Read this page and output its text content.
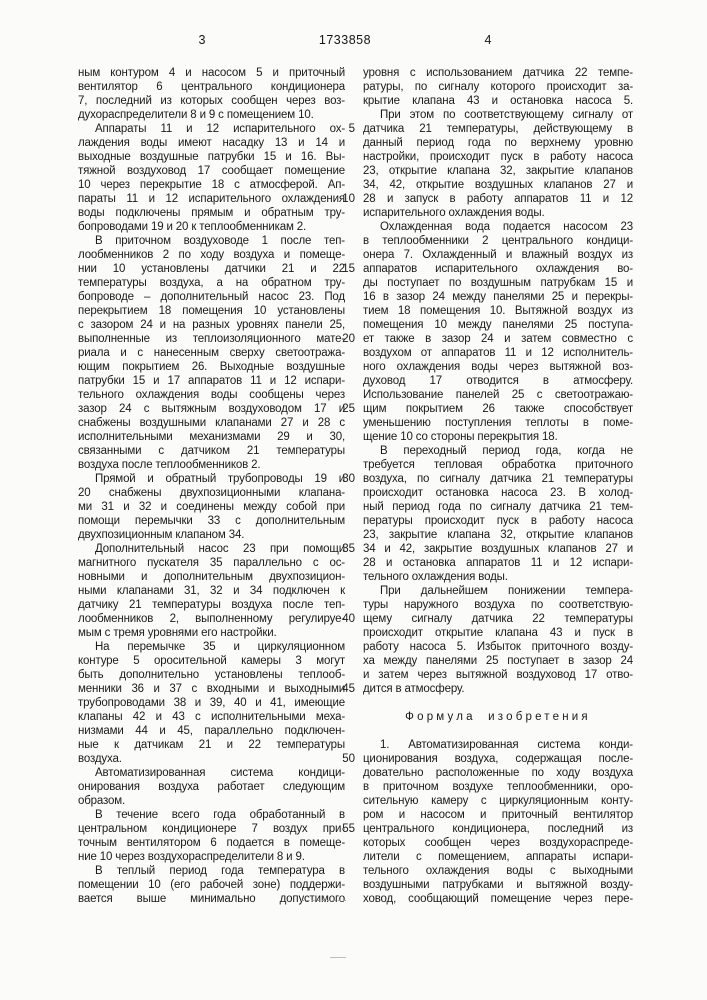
3	1733858	4
ным контуром 4 и насосом 5 и приточный
вентилятор 6 центрального кондиционера
7, последний из которых сообщен через воз-
духораспределители 8 и 9 с помещением 10.
Аппараты 11 и 12 испарительного ох-
лаждения воды имеют насадку 13 и 14 и
выходные воздушные патрубки 15 и 16. Вы-
тяжной воздуховод 17 сообщает помещение
10 через перекрытие 18 с атмосферой. Ап-
параты 11 и 12 испарительного охлаждения
воды подключены прямым и обратным тру-
бопроводами 19 и 20 к теплообменникам 2.
В приточном воздуховоде 1 после теп-
лообменников 2 по ходу воздуха и помеще-
нии 10 установлены датчики 21 и 22
температуры воздуха, а на обратном тру-
бопроводе – дополнительный насос 23. Под
перекрытием 18 помещения 10 установлены
с зазором 24 и на разных уровнях панели 25,
выполненные из теплоизоляционного мате-
риала и с нанесенным сверху светоотража-
ющим покрытием 26. Выходные воздушные
патрубки 15 и 17 аппаратов 11 и 12 испари-
тельного охлаждения воды сообщены через
зазор 24 с вытяжным воздуховодом 17 и
снабжены воздушными клапанами 27 и 28 с
исполнительными механизмами 29 и 30,
связанными с датчиком 21 температуры
воздуха после теплообменников 2.
Прямой и обратный трубопроводы 19 и
20 снабжены двухпозиционными клапана-
ми 31 и 32 и соединены между собой при
помощи перемычки 33 с дополнительным
двухпозиционным клапаном 34.
Дополнительный насос 23 при помощи
магнитного пускателя 35 параллельно с ос-
новными и дополнительным двухпозицион-
ными клапанами 31, 32 и 34 подключен к
датчику 21 температуры воздуха после теп-
лообменников 2, выполненному регулируе-
мым с тремя уровнями его настройки.
На перемычке 35 и циркуляционном
контуре 5 оросительной камеры 3 могут
быть дополнительно установлены теплооб-
менники 36 и 37 с входными и выходными
трубопроводами 38 и 39, 40 и 41, имеющие
клапаны 42 и 43 с исполнительными меха-
низмами 44 и 45, параллельно подключен-
ные к датчикам 21 и 22 температуры
воздуха.
Автоматизированная система кондици-
онирования воздуха работает следующим
образом.
В течение всего года обработанный в
центральном кондиционере 7 воздух при-
точным вентилятором 6 подается в помеще-
ние 10 через воздухораспределители 8 и 9.
В теплый период года температура в
помещении 10 (его рабочей зоне) поддержи-
вается выше минимально допустимого
5
10
15
20
25
30
35
40
45
50
55
уровня с использованием датчика 22 темпе-
ратуры, по сигналу которого происходит за-
крытие клапана 43 и остановка насоса 5.
При этом по соответствующему сигналу от
датчика 21 температуры, действующему в
данный период года по верхнему уровню
настройки, происходит пуск в работу насоса
23, открытие клапана 32, закрытие клапанов
34, 42, открытие воздушных клапанов 27 и
28 и запуск в работу аппаратов 11 и 12
испарительного охлаждения воды.
Охлажденная вода подается насосом 23
в теплообменники 2 центрального кондици-
онера 7. Охлажденный и влажный воздух из
аппаратов испарительного охлаждения во-
ды поступает по воздушным патрубкам 15 и
16 в зазор 24 между панелями 25 и перекры-
тием 18 помещения 10. Вытяжной воздух из
помещения 10 между панелями 25 поступа-
ет также в зазор 24 и затем совместно с
воздухом от аппаратов 11 и 12 исполнитель-
ного охлаждения воды через вытяжной воз-
духовод 17 отводится в атмосферу.
Использование панелей 25 с светоотражаю-
щим покрытием 26 также способствует
уменьшению поступления теплоты в поме-
щение 10 со стороны перекрытия 18.
В переходный период года, когда не
требуется тепловая обработка приточного
воздуха, по сигналу датчика 21 температуры
происходит остановка насоса 23. В холод-
ный период года по сигналу датчика 21 тем-
пературы происходит пуск в работу насоса
23, закрытие клапана 32, открытие клапанов
34 и 42, закрытие воздушных клапанов 27 и
28 и остановка аппаратов 11 и 12 испари-
тельного охлаждения воды.
При дальнейшем понижении темпера-
туры наружного воздуха по соответствую-
щему сигналу датчика 22 температуры
происходит открытие клапана 43 и пуск в
работу насоса 5. Избыток приточного возду-
ха между панелями 25 поступает в зазор 24
и затем через вытяжной воздуховод 17 отво-
дится в атмосферу.
Формула изобретения
1. Автоматизированная система конди-
ционирования воздуха, содержащая после-
довательно расположенные по ходу воздуха
в приточном воздухе теплообменники, оро-
сительную камеру с циркуляционным конту-
ром и насосом и приточный вентилятор
центрального кондиционера, последний из
которых сообщен через воздухораспреде-
лители с помещением, аппараты испари-
тельного охлаждения воды с выходными
воздушными патрубками и вытяжной возду-
ховод, сообщающий помещение через пере-
